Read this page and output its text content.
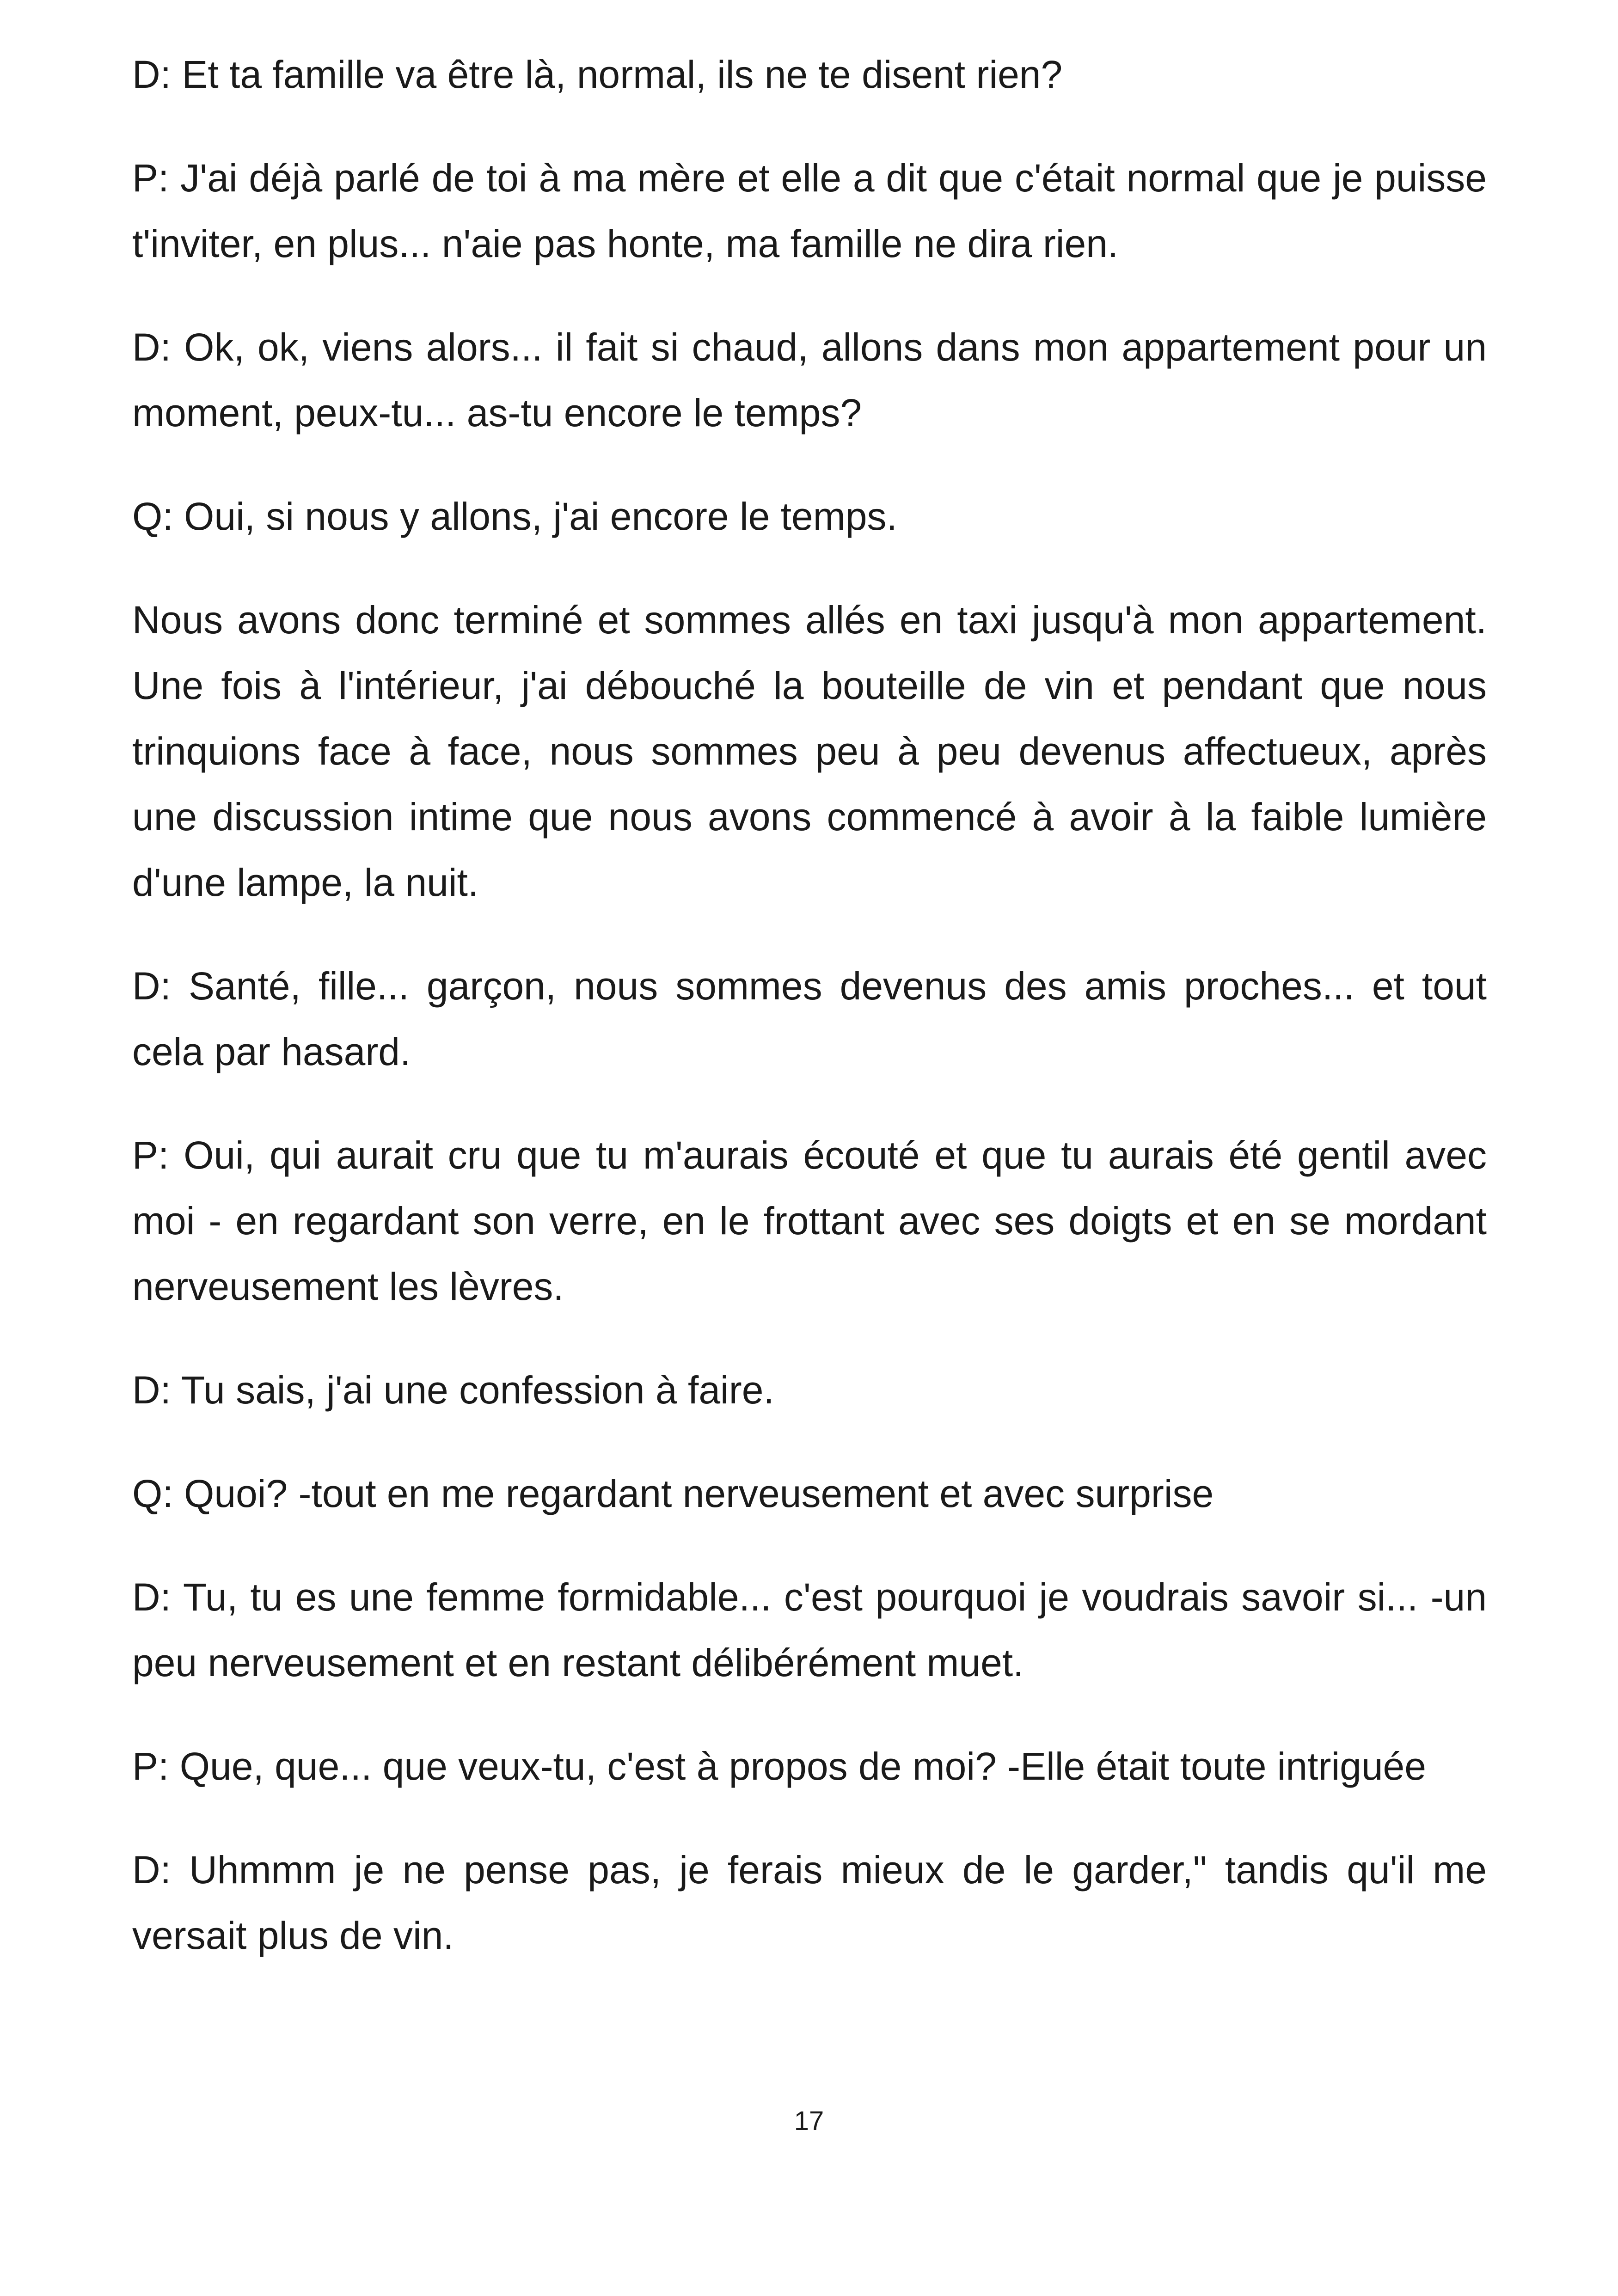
D: Et ta famille va être là, normal, ils ne te disent rien?

P: J'ai déjà parlé de toi à ma mère et elle a dit que c'était normal que je puisse t'inviter, en plus... n'aie pas honte, ma famille ne dira rien.

D: Ok, ok, viens alors... il fait si chaud, allons dans mon appartement pour un moment, peux-tu... as-tu encore le temps?

Q: Oui, si nous y allons, j'ai encore le temps.

Nous avons donc terminé et sommes allés en taxi jusqu'à mon appartement. Une fois à l'intérieur, j'ai débouché la bouteille de vin et pendant que nous trinquions face à face, nous sommes peu à peu devenus affectueux, après une discussion intime que nous avons commencé à avoir à la faible lumière d'une lampe, la nuit.

D: Santé, fille... garçon, nous sommes devenus des amis proches... et tout cela par hasard.

P: Oui, qui aurait cru que tu m'aurais écouté et que tu aurais été gentil avec moi - en regardant son verre, en le frottant avec ses doigts et en se mordant nerveusement les lèvres.

D: Tu sais, j'ai une confession à faire.

Q: Quoi? -tout en me regardant nerveusement et avec surprise

D: Tu, tu es une femme formidable... c'est pourquoi je voudrais savoir si... -un peu nerveusement et en restant délibérément muet.

P: Que, que... que veux-tu, c'est à propos de moi? -Elle était toute intriguée

D: Uhmmm je ne pense pas, je ferais mieux de le garder," tandis qu'il me versait plus de vin.

17
